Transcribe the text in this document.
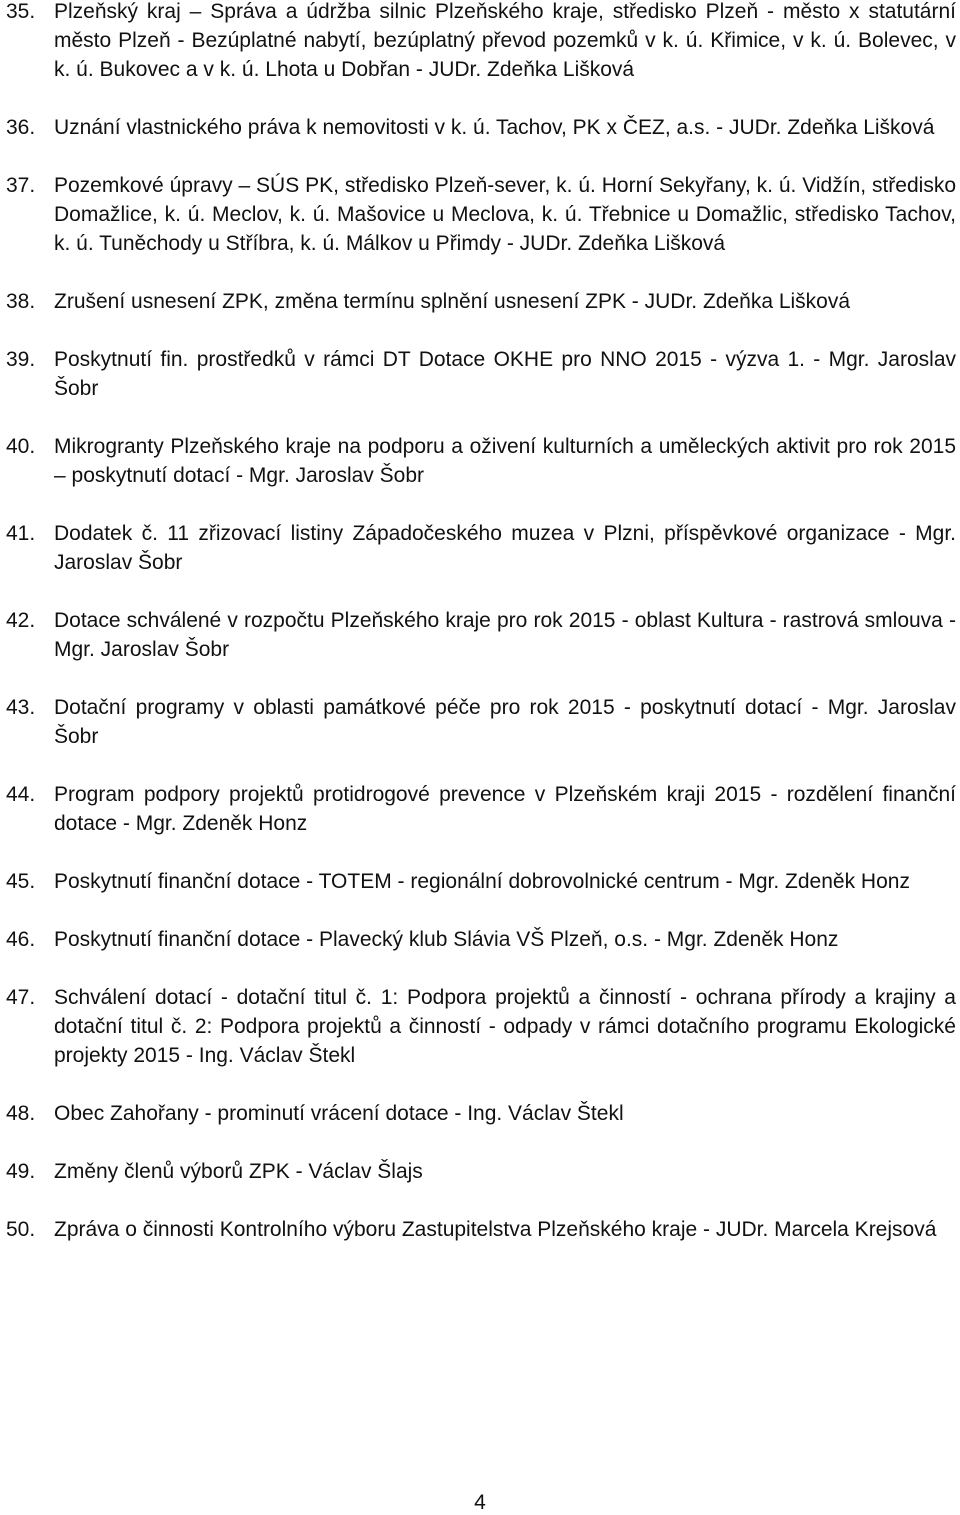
35. Plzeňský kraj – Správa a údržba silnic Plzeňského kraje, středisko Plzeň - město x statutární město Plzeň - Bezúplatné nabytí, bezúplatný převod pozemků v k. ú. Křimice, v k. ú. Bolevec, v k. ú. Bukovec a v k. ú. Lhota u Dobřan - JUDr. Zdeňka Lišková
36. Uznání vlastnického práva k nemovitosti v k. ú. Tachov, PK x ČEZ, a.s. - JUDr. Zdeňka Lišková
37. Pozemkové úpravy – SÚS PK, středisko Plzeň-sever, k. ú. Horní Sekyřany, k. ú. Vidžín, středisko Domažlice, k. ú. Meclov, k. ú. Mašovice u Meclova, k. ú. Třebnice u Domažlic, středisko Tachov, k. ú. Tuněchody u Stříbra, k. ú. Málkov u Přimdy - JUDr. Zdeňka Lišková
38. Zrušení usnesení ZPK, změna termínu splnění usnesení ZPK - JUDr. Zdeňka Lišková
39. Poskytnutí fin. prostředků v rámci DT Dotace OKHE pro NNO 2015 - výzva 1. - Mgr. Jaroslav Šobr
40. Mikrogranty Plzeňského kraje na podporu a oživení kulturních a uměleckých aktivit pro rok 2015 – poskytnutí dotací - Mgr. Jaroslav Šobr
41. Dodatek č. 11 zřizovací listiny Západočeského muzea v Plzni, příspěvkové organizace - Mgr. Jaroslav Šobr
42. Dotace schválené v rozpočtu Plzeňského kraje pro rok 2015 - oblast Kultura - rastrová smlouva - Mgr. Jaroslav Šobr
43. Dotační programy v oblasti památkové péče pro rok 2015 - poskytnutí dotací - Mgr. Jaroslav Šobr
44. Program podpory projektů protidrogové prevence v Plzeňském kraji 2015 - rozdělení finanční dotace - Mgr. Zdeněk Honz
45. Poskytnutí finanční dotace - TOTEM - regionální dobrovolnické centrum - Mgr. Zdeněk Honz
46. Poskytnutí finanční dotace - Plavecký klub Slávia VŠ Plzeň, o.s. - Mgr. Zdeněk Honz
47. Schválení dotací - dotační titul č. 1: Podpora projektů a činností - ochrana přírody a krajiny a dotační titul č. 2: Podpora projektů a činností - odpady v rámci dotačního programu Ekologické projekty 2015 - Ing. Václav Štekl
48. Obec Zahořany - prominutí vrácení dotace - Ing. Václav Štekl
49. Změny členů výborů ZPK - Václav Šlajs
50. Zpráva o činnosti Kontrolního výboru Zastupitelstva Plzeňského kraje - JUDr. Marcela Krejsová
4
